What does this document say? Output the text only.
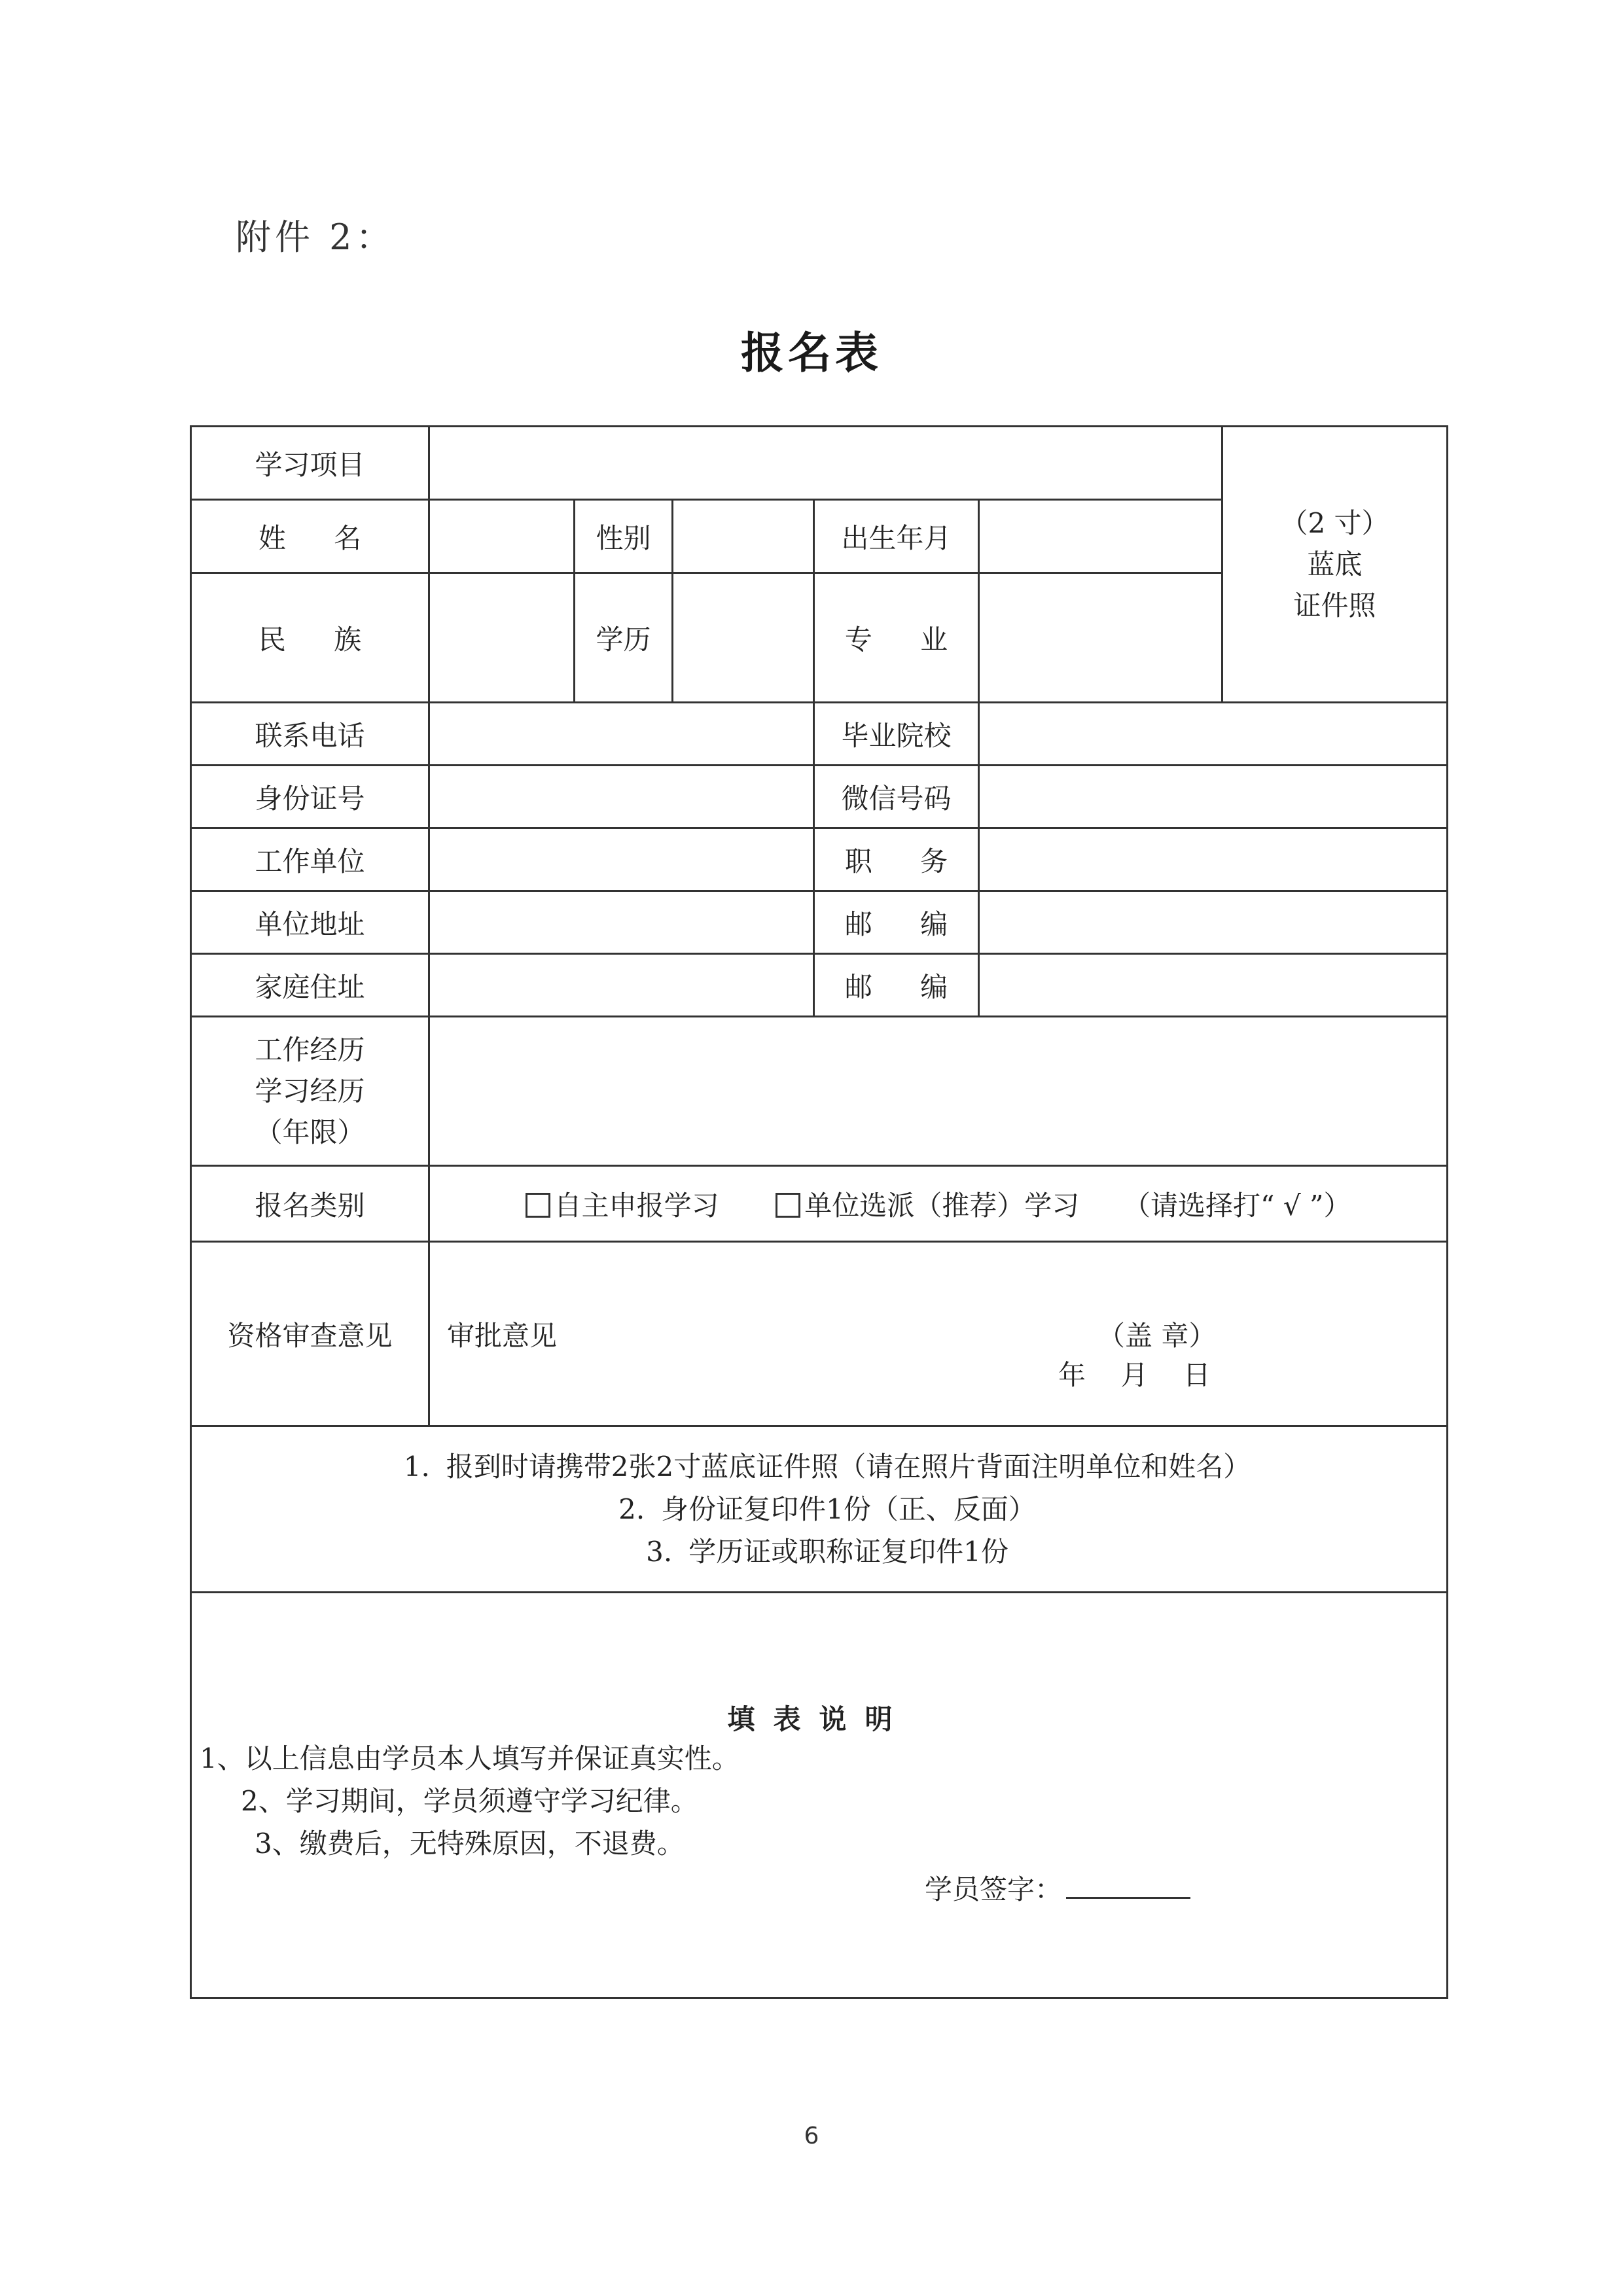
附件 2：
报名表
学习项目						（2 寸）
蓝底
证件照

姓 名		性别		出生年月		
民 族		学历		专 业		
联系电话				毕业院校		
身份证号				微信号码		
工作单位				职 务		
单位地址				邮 编		
家庭住址				邮 编		

工作经历
学习经历
（年限）						

报名类别	自主申报学习 单位选派（推荐）学习 （请选择打“ √ ”）					
资格审查意见	审批意见 （盖 章）
年 月 日					

1. 报到时请携带2张2寸蓝底证件照（请在照片背面注明单位和姓名）
2. 身份证复印件1份（正、反面）
3. 学历证或职称证复印件1份						

填表说明
1、以上信息由学员本人填写并保证真实性。
2、学习期间，学员须遵守学习纪律。
3、缴费后，无特殊原因，不退费。
学员签字：						
6
